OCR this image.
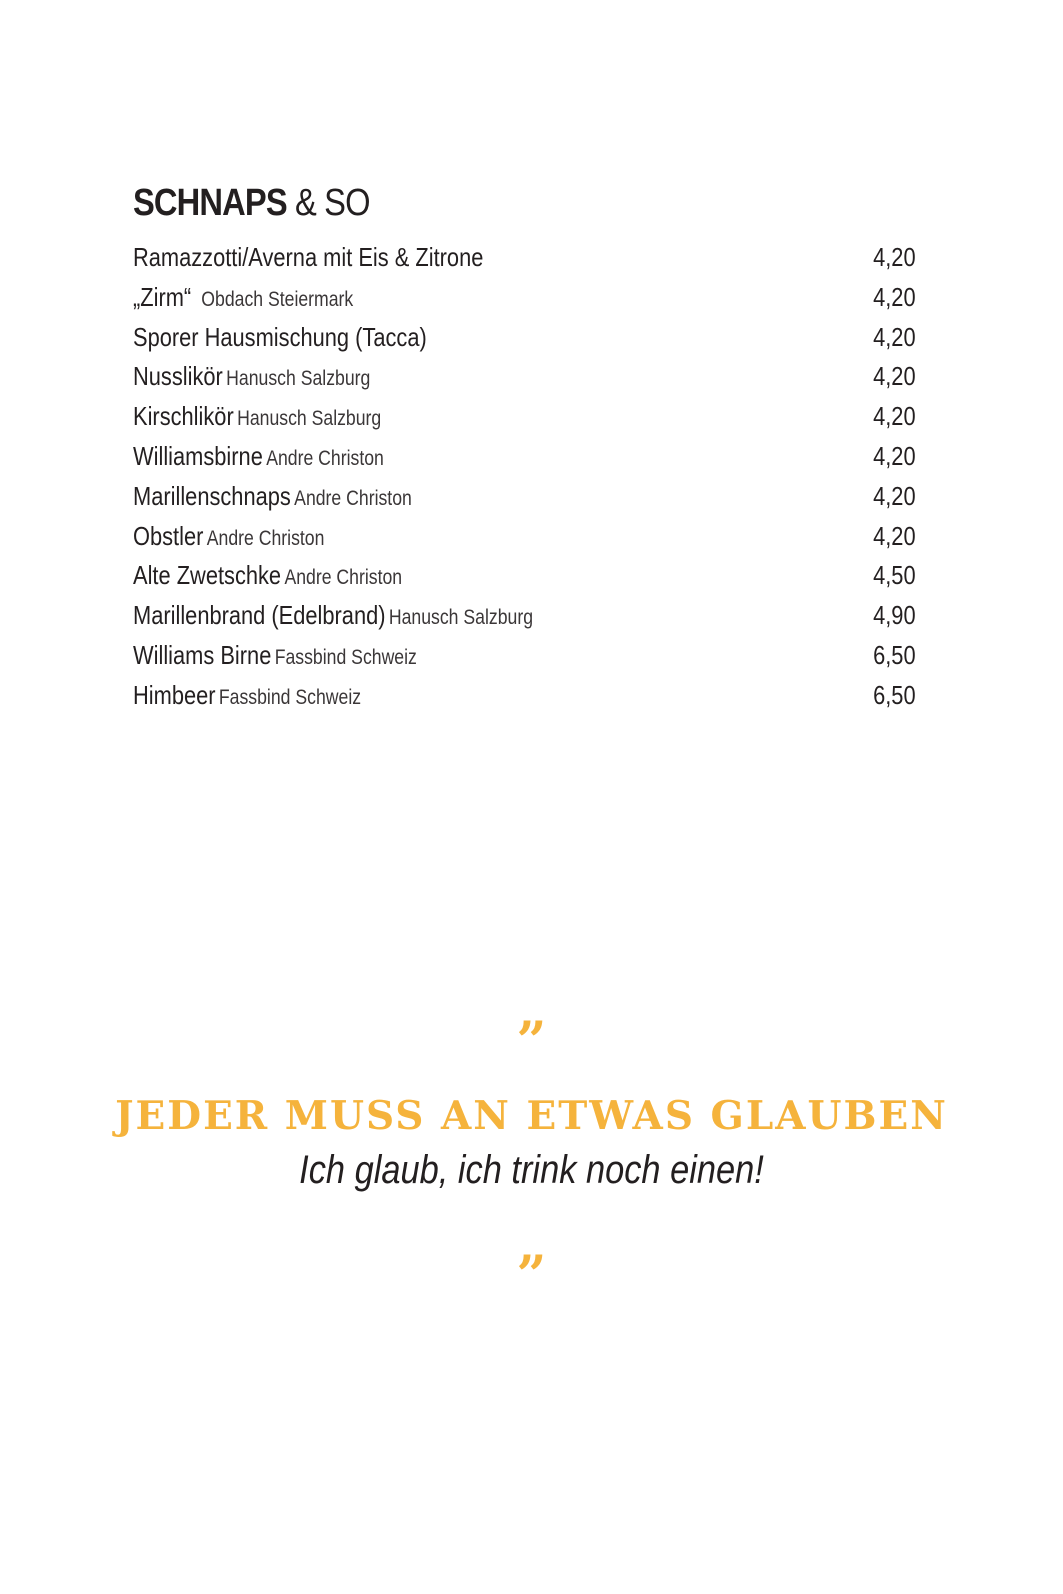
SCHNAPS & SO
Ramazzotti/Averna mit Eis & Zitrone	4,20
„Zirm“ Obdach Steiermark	4,20
Sporer Hausmischung (Tacca)	4,20
Nusslikör Hanusch Salzburg	4,20
Kirschlikör Hanusch Salzburg	4,20
Williamsbirne Andre Christon	4,20
Marillenschnaps Andre Christon	4,20
Obstler Andre Christon	4,20
Alte Zwetschke Andre Christon	4,50
Marillenbrand (Edelbrand) Hanusch Salzburg	4,90
Williams Birne Fassbind Schweiz	6,50
Himbeer Fassbind Schweiz	6,50
”
JEDER MUSS AN ETWAS GLAUBEN
Ich glaub, ich trink noch einen!
”
